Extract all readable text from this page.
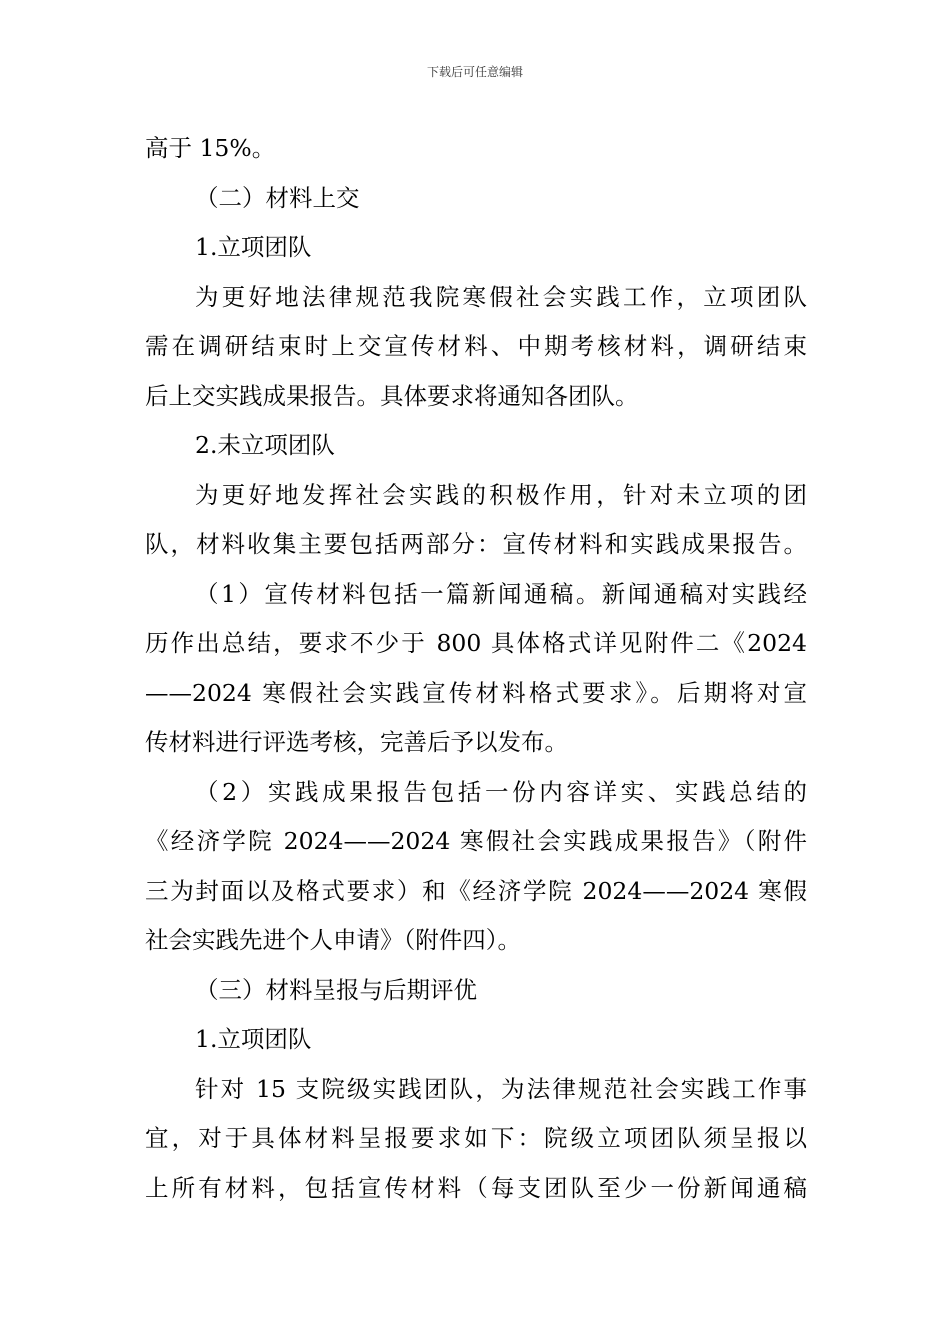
下载后可任意编辑
高于 15%。
（二）材料上交
1.立项团队
为更好地法律规范我院寒假社会实践工作，立项团队
需在调研结束时上交宣传材料、中期考核材料，调研结束
后上交实践成果报告。具体要求将通知各团队。
2.未立项团队
为更好地发挥社会实践的积极作用，针对未立项的团
队，材料收集主要包括两部分：宣传材料和实践成果报告。
（1）宣传材料包括一篇新闻通稿。新闻通稿对实践经
历作出总结，要求不少于 800 具体格式详见附件二《2024
——2024 寒假社会实践宣传材料格式要求》。后期将对宣
传材料进行评选考核，完善后予以发布。
（2）实践成果报告包括一份内容详实、实践总结的
《经济学院 2024——2024 寒假社会实践成果报告》（附件
三为封面以及格式要求）和《经济学院 2024——2024 寒假
社会实践先进个人申请》（附件四）。
（三）材料呈报与后期评优
1.立项团队
针对 15 支院级实践团队，为法律规范社会实践工作事
宜，对于具体材料呈报要求如下：院级立项团队须呈报以
上所有材料，包括宣传材料（每支团队至少一份新闻通稿
